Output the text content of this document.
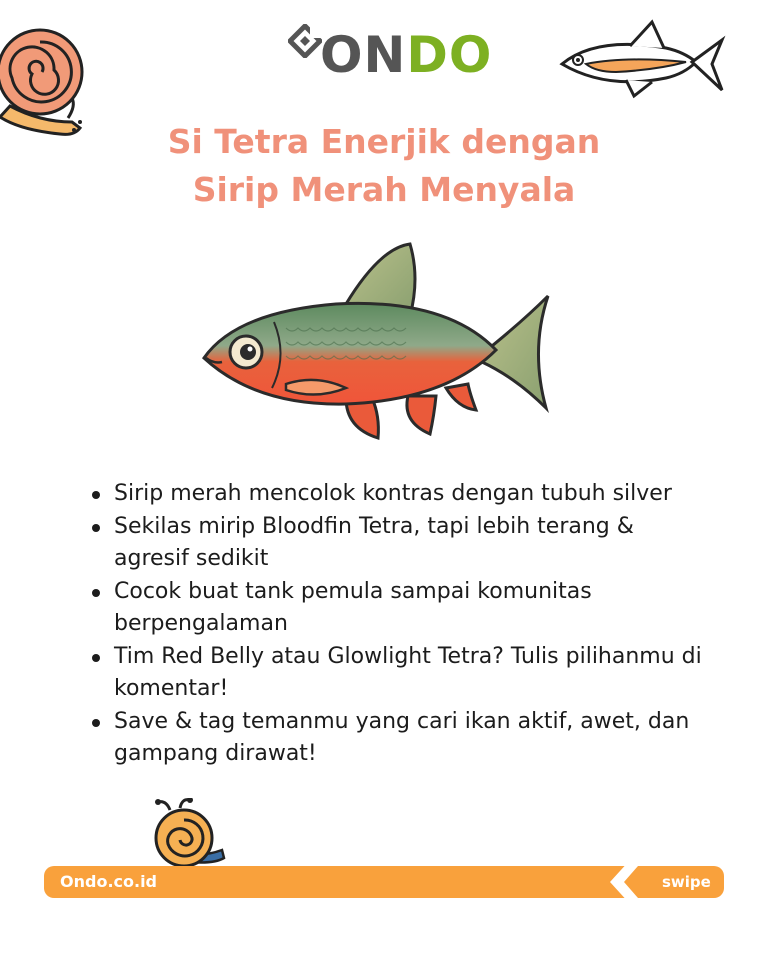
ONDO
Si Tetra Enerjik dengan
Sirip Merah Menyala
Sirip merah mencolok kontras dengan tubuh silver
Sekilas mirip Bloodfin Tetra, tapi lebih terang & agresif sedikit
Cocok buat tank pemula sampai komunitas berpengalaman
Tim Red Belly atau Glowlight Tetra? Tulis pilihanmu di komentar!
Save & tag temanmu yang cari ikan aktif, awet, dan gampang dirawat!
Ondo.co.id	swipe
